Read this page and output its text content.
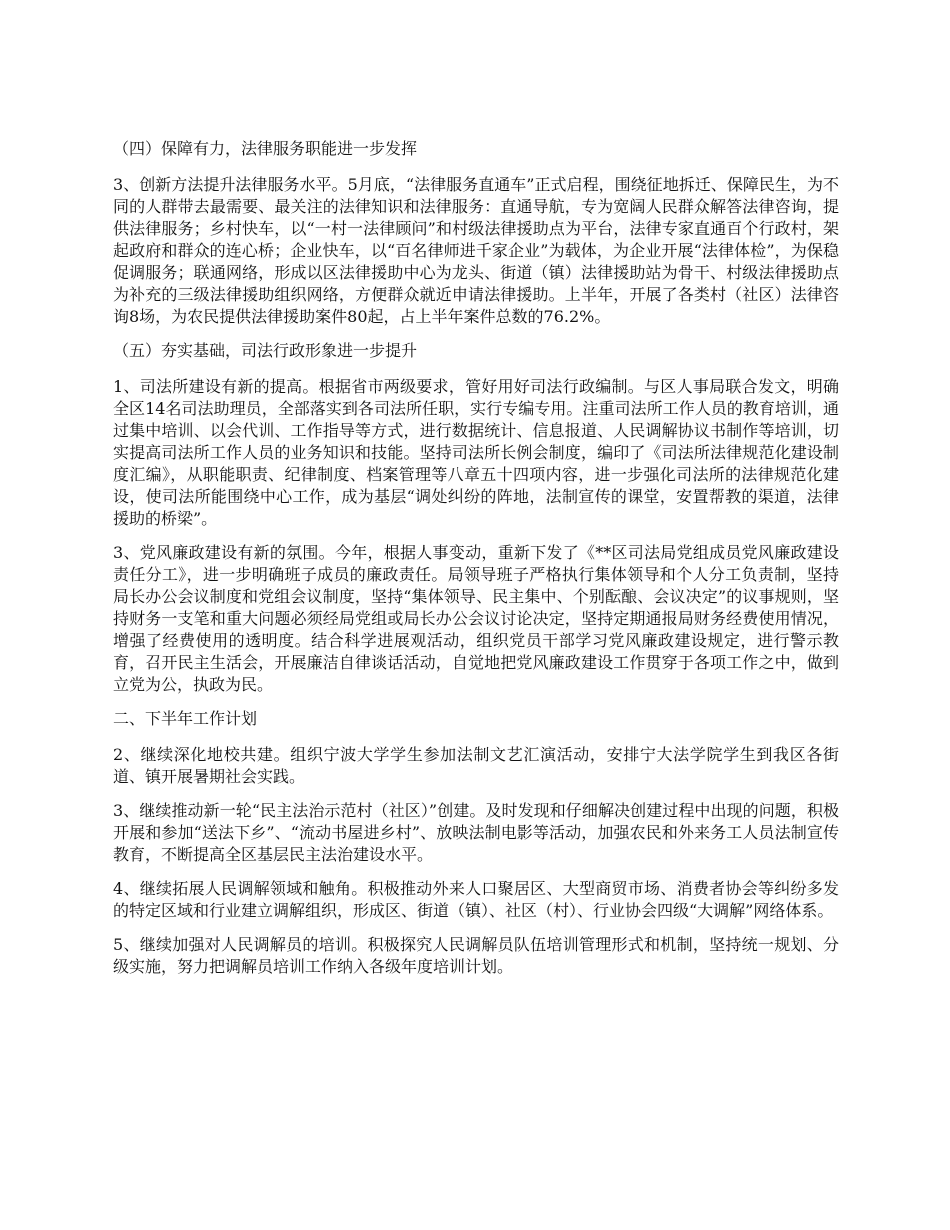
（四）保障有力，法律服务职能进一步发挥

3、创新方法提升法律服务水平。5月底，“法律服务直通车”正式启程，围绕征地拆迁、保障民生，为不同的人群带去最需要、最关注的法律知识和法律服务：直通导航，专为宽阔人民群众解答法律咨询，提供法律服务；乡村快车，以“一村一法律顾问”和村级法律援助点为平台，法律专家直通百个行政村，架起政府和群众的连心桥；企业快车，以“百名律师进千家企业”为载体，为企业开展“法律体检”，为保稳促调服务；联通网络，形成以区法律援助中心为龙头、街道（镇）法律援助站为骨干、村级法律援助点为补充的三级法律援助组织网络，方便群众就近申请法律援助。上半年，开展了各类村（社区）法律咨询8场，为农民提供法律援助案件80起，占上半年案件总数的76.2%。

（五）夯实基础，司法行政形象进一步提升

1、司法所建设有新的提高。根据省市两级要求，管好用好司法行政编制。与区人事局联合发文，明确全区14名司法助理员，全部落实到各司法所任职，实行专编专用。注重司法所工作人员的教育培训，通过集中培训、以会代训、工作指导等方式，进行数据统计、信息报道、人民调解协议书制作等培训，切实提高司法所工作人员的业务知识和技能。坚持司法所长例会制度，编印了《司法所法律规范化建设制度汇编》，从职能职责、纪律制度、档案管理等八章五十四项内容，进一步强化司法所的法律规范化建设，使司法所能围绕中心工作，成为基层“调处纠纷的阵地，法制宣传的课堂，安置帮教的渠道，法律援助的桥梁”。

3、党风廉政建设有新的氛围。今年，根据人事变动，重新下发了《**区司法局党组成员党风廉政建设责任分工》，进一步明确班子成员的廉政责任。局领导班子严格执行集体领导和个人分工负责制，坚持局长办公会议制度和党组会议制度，坚持“集体领导、民主集中、个别酝酿、会议决定”的议事规则，坚持财务一支笔和重大问题必须经局党组或局长办公会议讨论决定，坚持定期通报局财务经费使用情况，增强了经费使用的透明度。结合科学进展观活动，组织党员干部学习党风廉政建设规定，进行警示教育，召开民主生活会，开展廉洁自律谈话活动，自觉地把党风廉政建设工作贯穿于各项工作之中，做到立党为公，执政为民。

二、下半年工作计划

2、继续深化地校共建。组织宁波大学学生参加法制文艺汇演活动，安排宁大法学院学生到我区各街道、镇开展暑期社会实践。

3、继续推动新一轮“民主法治示范村（社区）”创建。及时发现和仔细解决创建过程中出现的问题，积极开展和参加“送法下乡”、“流动书屋进乡村”、放映法制电影等活动，加强农民和外来务工人员法制宣传教育，不断提高全区基层民主法治建设水平。

4、继续拓展人民调解领域和触角。积极推动外来人口聚居区、大型商贸市场、消费者协会等纠纷多发的特定区域和行业建立调解组织，形成区、街道（镇）、社区（村）、行业协会四级“大调解”网络体系。

5、继续加强对人民调解员的培训。积极探究人民调解员队伍培训管理形式和机制，坚持统一规划、分级实施，努力把调解员培训工作纳入各级年度培训计划。
